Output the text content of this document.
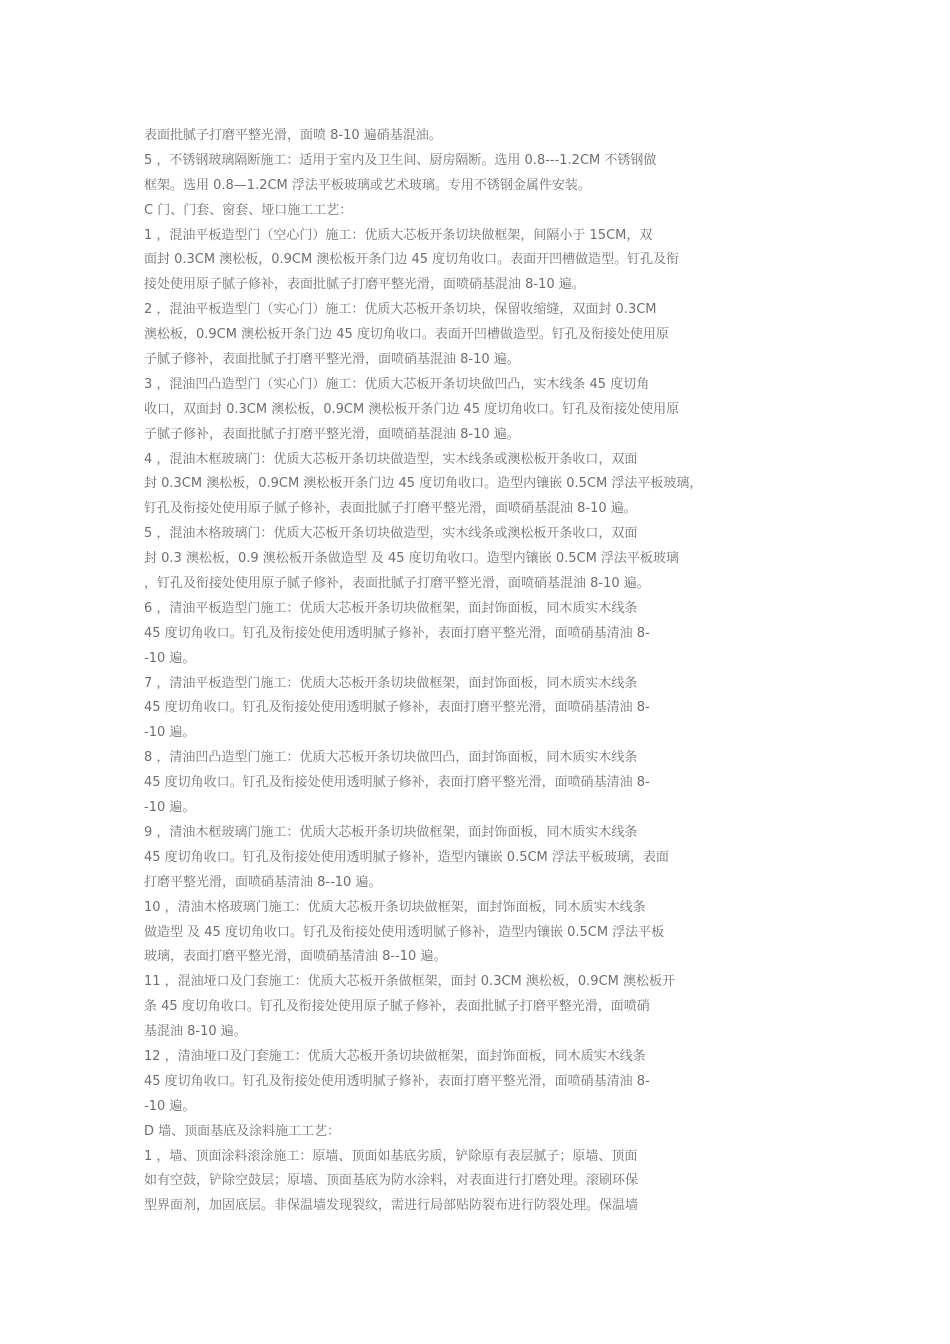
表面批腻子打磨平整光滑，面喷 8-10 遍硝基混油。
5 ，不锈钢玻璃隔断施工：适用于室内及卫生间、厨房隔断。选用 0.8---1.2CM 不锈钢做
框架。选用 0.8—1.2CM 浮法平板玻璃或艺术玻璃。专用不锈钢金属件安装。
C 门、门套、窗套、垭口施工工艺：
1 ，混油平板造型门（空心门）施工：优质大芯板开条切块做框架，间隔小于 15CM，双
面封 0.3CM 澳松板，0.9CM 澳松板开条门边 45 度切角收口。表面开凹槽做造型。钉孔及衔
接处使用原子腻子修补，表面批腻子打磨平整光滑，面喷硝基混油 8-10 遍。
2 ，混油平板造型门（实心门）施工：优质大芯板开条切块，保留收缩缝，双面封 0.3CM
澳松板，0.9CM 澳松板开条门边 45 度切角收口。表面开凹槽做造型。钉孔及衔接处使用原
子腻子修补，表面批腻子打磨平整光滑，面喷硝基混油 8-10 遍。
3 ，混油凹凸造型门（实心门）施工：优质大芯板开条切块做凹凸，实木线条 45 度切角
收口，双面封 0.3CM 澳松板，0.9CM 澳松板开条门边 45 度切角收口。钉孔及衔接处使用原
子腻子修补，表面批腻子打磨平整光滑，面喷硝基混油 8-10 遍。
4 ，混油木框玻璃门：优质大芯板开条切块做造型，实木线条或澳松板开条收口，双面
封 0.3CM 澳松板，0.9CM 澳松板开条门边 45 度切角收口。造型内镶嵌 0.5CM 浮法平板玻璃，
钉孔及衔接处使用原子腻子修补，表面批腻子打磨平整光滑，面喷硝基混油 8-10 遍。
5 ，混油木格玻璃门：优质大芯板开条切块做造型，实木线条或澳松板开条收口，双面
封 0.3 澳松板，0.9 澳松板开条做造型 及 45 度切角收口。造型内镶嵌 0.5CM 浮法平板玻璃
，钉孔及衔接处使用原子腻子修补，表面批腻子打磨平整光滑，面喷硝基混油 8-10 遍。
6 ，清油平板造型门施工：优质大芯板开条切块做框架，面封饰面板，同木质实木线条
45 度切角收口。钉孔及衔接处使用透明腻子修补，表面打磨平整光滑，面喷硝基清油 8-
-10 遍。
7 ，清油平板造型门施工：优质大芯板开条切块做框架，面封饰面板，同木质实木线条
45 度切角收口。钉孔及衔接处使用透明腻子修补，表面打磨平整光滑，面喷硝基清油 8-
-10 遍。
8 ，清油凹凸造型门施工：优质大芯板开条切块做凹凸，面封饰面板，同木质实木线条
45 度切角收口。钉孔及衔接处使用透明腻子修补，表面打磨平整光滑，面喷硝基清油 8-
-10 遍。
9 ，清油木框玻璃门施工：优质大芯板开条切块做框架，面封饰面板，同木质实木线条
45 度切角收口。钉孔及衔接处使用透明腻子修补，造型内镶嵌 0.5CM 浮法平板玻璃，表面
打磨平整光滑，面喷硝基清油 8--10 遍。
10 ，清油木格玻璃门施工：优质大芯板开条切块做框架，面封饰面板，同木质实木线条
做造型 及 45 度切角收口。钉孔及衔接处使用透明腻子修补，造型内镶嵌 0.5CM 浮法平板
玻璃，表面打磨平整光滑，面喷硝基清油 8--10 遍。
11 ，混油垭口及门套施工：优质大芯板开条做框架，面封 0.3CM 澳松板，0.9CM 澳松板开
条 45 度切角收口。钉孔及衔接处使用原子腻子修补，表面批腻子打磨平整光滑，面喷硝
基混油 8-10 遍。
12 ，清油垭口及门套施工：优质大芯板开条切块做框架，面封饰面板，同木质实木线条
45 度切角收口。钉孔及衔接处使用透明腻子修补，表面打磨平整光滑，面喷硝基清油 8-
-10 遍。
D 墙、顶面基底及涂料施工工艺：
1 ，墙、顶面涂料滚涂施工：原墙、顶面如基底劣质，铲除原有表层腻子；原墙、顶面
如有空鼓，铲除空鼓层；原墙、顶面基底为防水涂料，对表面进行打磨处理。滚刷环保
型界面剂，加固底层。非保温墙发现裂纹，需进行局部贴防裂布进行防裂处理。保温墙
